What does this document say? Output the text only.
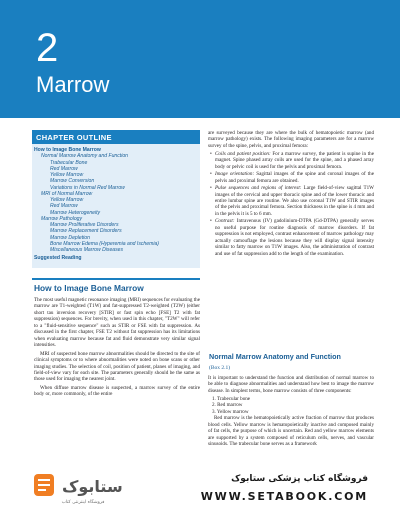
2
Marrow
CHAPTER OUTLINE
How to Image Bone Marrow
Normal Marrow Anatomy and Function
Trabecular Bone
Red Marrow
Yellow Marrow
Marrow Conversion
Variations in Normal Red Marrow
MRI of Normal Marrow
Yellow Marrow
Red Marrow
Marrow Heterogeneity
Marrow Pathology
Marrow Proliferative Disorders
Marrow Replacement Disorders
Marrow Depletion
Bone Marrow Edema (Hyperemia and Ischemia)
Miscellaneous Marrow Diseases
Suggested Reading
How to Image Bone Marrow

The most useful magnetic resonance imaging (MRI) sequences for evaluating the marrow are T1-weighted (T1W) and fat-suppressed T2-weighted (T2W) (either short tau inversion recovery [STIR] or fast spin echo [FSE] T2 with fat suppression) sequences. For brevity, when used in this chapter, "T2W" will refer to a "fluid-sensitive sequence" such as STIR or FSE with fat suppression. As discussed in the first chapter, FSE T2 without fat suppression has its limitations when evaluating marrow because fat and fluid demonstrate very similar signal intensities.

MRI of suspected bone marrow abnormalities should be directed to the site of clinical symptoms or to where abnormalities were noted on bone scans or other imaging studies. The selection of coil, position of patient, planes of imaging, and field-of-view vary for each site. The parameters generally should be the same as those used for imaging the nearest joint.

When diffuse marrow disease is suspected, a marrow survey of the entire body or, more commonly, of the entire

are surveyed because they are where the bulk of hematopoietic marrow (and marrow pathology) exists. The following imaging parameters are for a marrow survey of the spine, pelvis, and proximal femora:

• Coils and patient position: For a marrow survey, the patient is supine in the magnet. Spine phased array coils are used for the spine, and a phased array body or pelvic coil is used for the pelvis and proximal femora.
• Image orientation: Sagittal images of the spine and coronal images of the pelvis and proximal femora are obtained.
• Pulse sequences and regions of interest: Large field-of-view sagittal T1W images of the cervical and upper thoracic spine and of the lower thoracic and entire lumbar spine are routine. We also use coronal T1W and STIR images of the pelvis and proximal femora. Section thickness in the spine is 4 mm and in the pelvis it is 5 to 6 mm.
• Contrast: Intravenous (IV) gadolinium-DTPA (Gd-DTPA) generally serves no useful purpose for routine diagnosis of marrow disorders. If fat suppression is not employed, contrast enhancement of marrow pathology may actually camouflage the lesions because they will display signal intensity similar to fatty marrow on T1W images. Also, the administration of contrast and use of fat suppression add to the length of the examination.
Normal Marrow Anatomy and Function
(Box 2.1)

It is important to understand the function and distribution of normal marrow to be able to diagnose abnormalities and understand how best to image the marrow disease. In simplest terms, bone marrow consists of three components:

1. Trabecular bone
2. Red marrow
3. Yellow marrow

Red marrow is the hematopoietically active fraction of marrow that produces blood cells. Yellow marrow is hematopoietically inactive and composed mainly of fat cells, the purpose of which is uncertain. Red and yellow marrow elements are supported by a system composed of reticulum cells, nerves, and vascular sinusoids. The trabecular bone serves as a framework

ستابوک
فروشگاه اینترنتی کتاب
فروشگاه کتاب پزشکی ستابوک
WWW.SETABOOK.COM
